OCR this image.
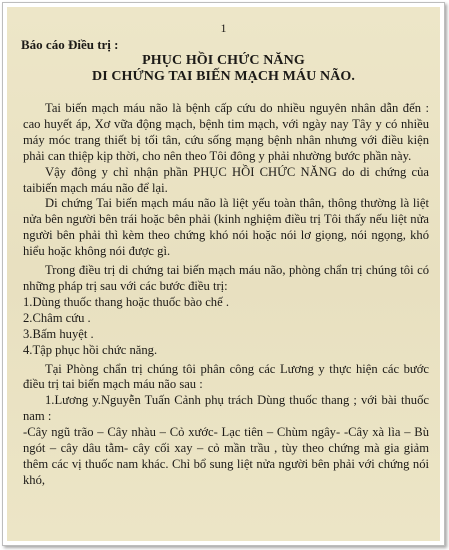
1
Báo cáo Điều trị :
PHỤC HỒI CHỨC NĂNG
DI CHỨNG TAI BIẾN MẠCH MÁU NÃO.

Tai biến mạch máu não là bệnh cấp cứu do nhiều nguyên nhân dẫn đến : cao huyết áp, Xơ vữa động mạch, bệnh tim mạch, với ngày nay Tây y có nhiều máy móc trang thiết bị tối tân, cứu sống mạng bệnh nhân nhưng với điều kiện phải can thiệp kịp thời, cho nên theo Tôi đông y phải nhường bước phần này.

Vậy đông y chỉ nhận phần PHỤC HỒI CHỨC NĂNG do di chứng của taibiến mạch máu não để lại.

Di chứng Tai biến mạch máu não là liệt yếu toàn thân, thông thường là liệt nửa bên người bên trái hoặc bên phải (kinh nghiệm điều trị Tôi thấy nếu liệt nửa người bên phải thì kèm theo chứng khó nói hoặc nói lơ giọng, nói ngọng, khó hiểu hoặc không nói được gì.

Trong điều trị di chứng tai biến mạch máu não, phòng chẩn trị chúng tôi có những pháp trị sau với các bước điều trị:

1.Dùng thuốc thang hoặc thuốc bào chế .

2.Châm cứu .

3.Bấm huyệt .

4.Tập phục hồi chức năng.

Tại Phòng chẩn trị chúng tôi phân công các Lương y thực hiện các bước điều trị tai biến mạch máu não sau :

1.Lương y.Nguyễn Tuấn Cảnh phụ trách Dùng thuốc thang ; với bài thuốc nam :

-Cây ngũ trão – Cây nhàu – Cỏ xước- Lạc tiên – Chùm ngây- -Cây xà lìa – Bù ngót – cây dâu tằm- cây cối xay – cỏ mần trầu , tùy theo chứng mà gia giảm thêm các vị thuốc nam khác. Chỉ bổ sung liệt nửa người bên phải với chứng nói khó,
